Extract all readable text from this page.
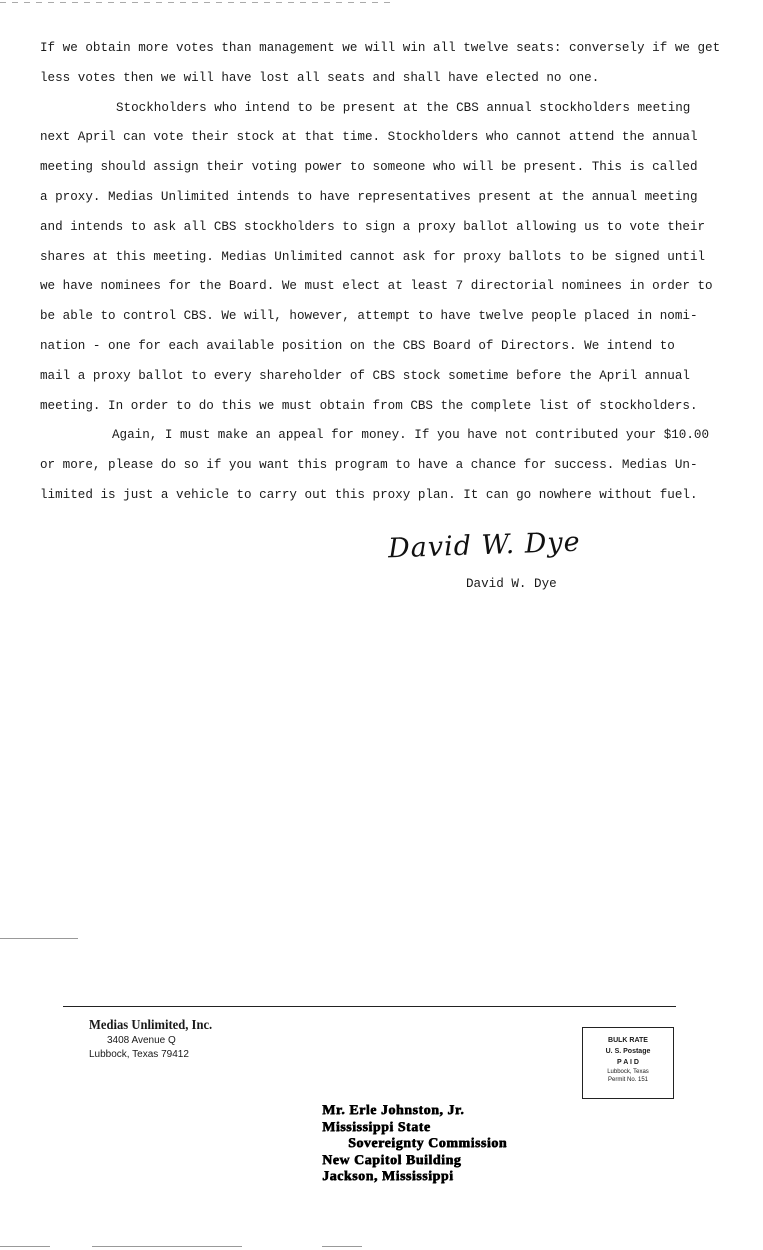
If we obtain more votes than management we will win all twelve seats: conversely if we get
less votes then we will have lost all seats and shall have elected no one.
Stockholders who intend to be present at the CBS annual stockholders meeting
next April can vote their stock at that time. Stockholders who cannot attend the annual
meeting should assign their voting power to someone who will be present. This is called
a proxy. Medias Unlimited intends to have representatives present at the annual meeting
and intends to ask all CBS stockholders to sign a proxy ballot allowing us to vote their
shares at this meeting. Medias Unlimited cannot ask for proxy ballots to be signed until
we have nominees for the Board. We must elect at least 7 directorial nominees in order to
be able to control CBS. We will, however, attempt to have twelve people placed in nomi-
nation - one for each available position on the CBS Board of Directors. We intend to
mail a proxy ballot to every shareholder of CBS stock sometime before the April annual
meeting. In order to do this we must obtain from CBS the complete list of stockholders.
Again, I must make an appeal for money. If you have not contributed your $10.00
or more, please do so if you want this program to have a chance for success. Medias Un-
limited is just a vehicle to carry out this proxy plan. It can go nowhere without fuel.
David W. Dye
David W. Dye
Medias Unlimited, Inc.
3408 Avenue Q
Lubbock, Texas 79412
BULK RATE
U. S. Postage
P A I D
Lubbock, Texas
Permit No. 151
Mr. Erle Johnston, Jr.
Mississippi State
Sovereignty Commission
New Capitol Building
Jackson, Mississippi
